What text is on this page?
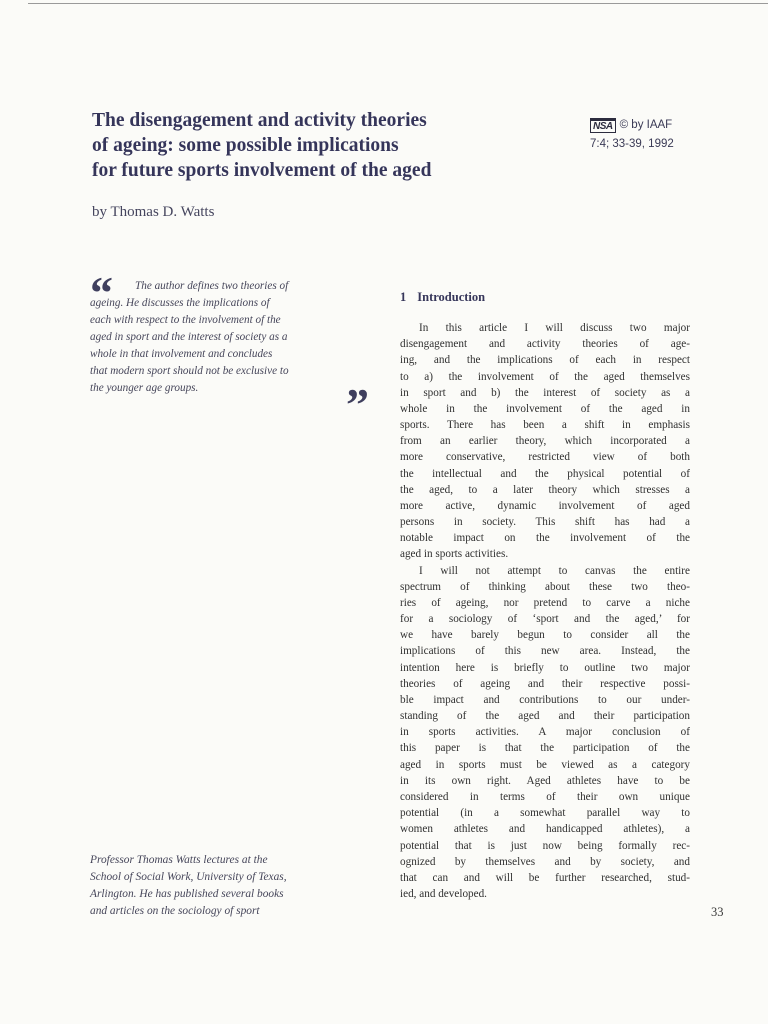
The disengagement and activity theories
of ageing: some possible implications
for future sports involvement of the aged
NSA © by IAAF
7:4; 33-39, 1992
by Thomas D. Watts
“	The author defines two theories of
ageing. He discusses the implications of
each with respect to the involvement of the
aged in sport and the interest of society as a
whole in that involvement and concludes
that modern sport should not be exclusive to
the younger age groups.	”

Professor Thomas Watts lectures at the
School of Social Work, University of Texas,
Arlington. He has published several books
and articles on the sociology of sport

1 Introduction

In this article I will discuss two major
disengagement and activity theories of age-
ing, and the implications of each in respect
to a) the involvement of the aged themselves
in sport and b) the interest of society as a
whole in the involvement of the aged in
sports. There has been a shift in emphasis
from an earlier theory, which incorporated a
more conservative, restricted view of both
the intellectual and the physical potential of
the aged, to a later theory which stresses a
more active, dynamic involvement of aged
persons in society. This shift has had a
notable impact on the involvement of the
aged in sports activities.
I will not attempt to canvas the entire
spectrum of thinking about these two theo-
ries of ageing, nor pretend to carve a niche
for a sociology of ‘sport and the aged,’ for
we have barely begun to consider all the
implications of this new area. Instead, the
intention here is briefly to outline two major
theories of ageing and their respective possi-
ble impact and contributions to our under-
standing of the aged and their participation
in sports activities. A major conclusion of
this paper is that the participation of the
aged in sports must be viewed as a category
in its own right. Aged athletes have to be
considered in terms of their own unique
potential (in a somewhat parallel way to
women athletes and handicapped athletes), a
potential that is just now being formally rec-
ognized by themselves and by society, and
that can and will be further researched, stud-
ied, and developed.

33
